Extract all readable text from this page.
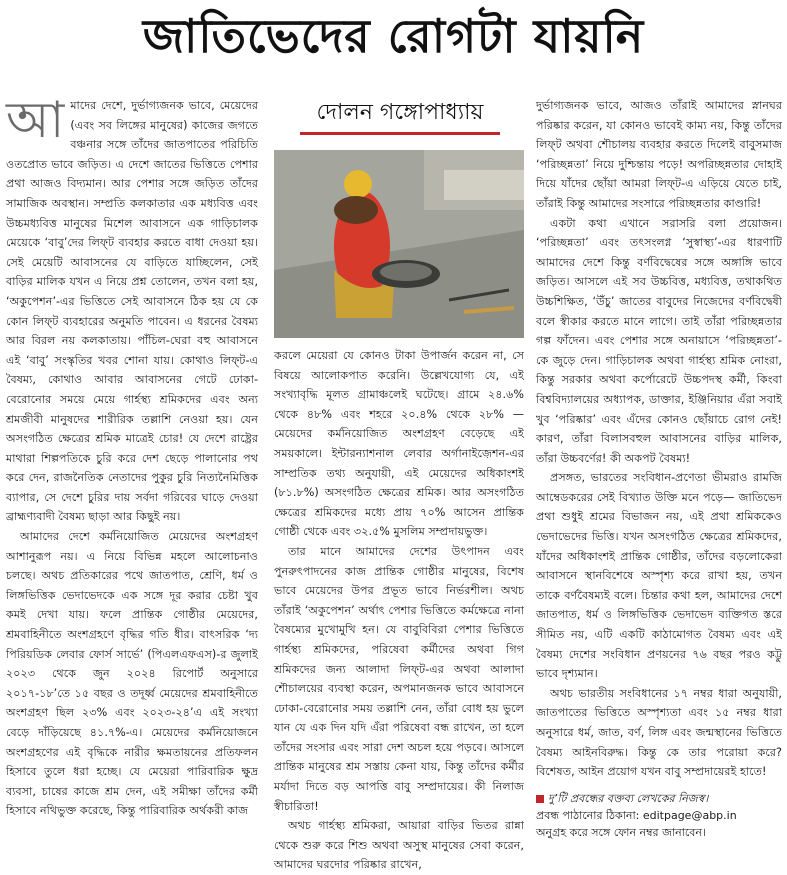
জাতিভেদের রোগটা যায়নি

আমাদের দেশে, দুর্ভাগ্যজনক ভাবে, মেয়েদের (এবং সব লিঙ্গের মানুষের) কাজের জগতে বঞ্চনার সঙ্গে তাঁদের জাতপাতের পরিচিতি ওতপ্রোত ভাবে জড়িত। এ দেশে জাতের ভিত্তিতে পেশার প্রথা আজও বিদ্যমান। আর পেশার সঙ্গে জড়িত তাঁদের সামাজিক অবস্থান। সম্প্রতি কলকাতার এক মধ্যবিত্ত এবং উচ্চমধ্যবিত্ত মানুষের মিশেল আবাসনে এক গাড়িচালক মেয়েকে ‘বাবু’দের লিফ্‌ট ব্যবহার করতে বাধা দেওয়া হয়। সেই মেয়েটি আবাসনের যে বাড়িতে যাচ্ছিলেন, সেই বাড়ির মালিক যখন এ নিয়ে প্রশ্ন তোলেন, তখন বলা হয়, ‘অকুপেশন’-এর ভিত্তিতে সেই আবাসনে ঠিক হয় যে কে কোন লিফ্‌ট ব্যবহারের অনুমতি পাবেন। এ ধরনের বৈষম্য আর বিরল নয় কলকাতায়। পাঁচিল-ঘেরা বহু আবাসনে এই ‘বাবু’ সংস্কৃতির খবর শোনা যায়। কোথাও লিফ্‌ট-এ বৈষম্য, কোথাও আবার আবাসনের গেটে ঢোকা-বেরোনোর সময়ে মেয়ে গার্হস্থ্য শ্রমিকদের এবং অন্য শ্রমজীবী মানুষদের শারীরিক তল্লাশি নেওয়া হয়। যেন অসংগঠিত ক্ষেত্রের শ্রমিক মাত্রেই চোর! যে দেশে রাষ্ট্রের মাথারা শিল্পপতিকে চুরি করে দেশ ছেড়ে পালানোর পথ করে দেন, রাজনৈতিক নেতাদের পুকুর চুরি নিত্যনৈমিত্তিক ব্যাপার, সে দেশে চুরির দায় সর্বদা গরিবের ঘাড়ে দেওয়া ব্রাহ্মণ্যবাদী বৈষম্য ছাড়া আর কিছুই নয়।

আমাদের দেশে কর্মনিয়োজিত মেয়েদের অংশগ্রহণ আশানুরূপ নয়। এ নিয়ে বিভিন্ন মহলে আলোচনাও চলছে। অথচ প্রতিকারের পথে জাতপাত, শ্রেণি, ধর্ম ও লিঙ্গভিত্তিক ভেদাভেদকে এক সঙ্গে দূর করার চেষ্টা খুব কমই দেখা যায়। ফলে প্রান্তিক গোষ্ঠীর মেয়েদের, শ্রমবাহিনীতে অংশগ্রহণে বৃদ্ধির গতি ধীর। বাৎসরিক ‘দ্য পিরিয়ডিক লেবার ফোর্স সার্ভে’ (পিএলএফএস)-র জুলাই ২০২৩ থেকে জুন ২০২৪ রিপোর্ট অনুসারে ২০১৭-১৮’তে ১৫ বছর ও তদূর্ধ্ব মেয়েদের শ্রমবাহিনীতে অংশগ্রহণ ছিল ২৩% এবং ২০২৩-২৪’এ এই সংখ্যা বেড়ে দাঁড়িয়েছে ৪১.৭%-এ। মেয়েদের কর্মনিয়োজনে অংশগ্রহণের এই বৃদ্ধিকে নারীর ক্ষমতায়নের প্রতিফলন হিসাবে তুলে ধরা হচ্ছে। যে মেয়েরা পারিবারিক ক্ষুদ্র ব্যবসা, চাষের কাজে শ্রম দেন, এই সমীক্ষা তাঁদের কর্মী হিসাবে নথিভুক্ত করেছে, কিন্তু পারিবারিক অর্থকরী কাজ

দোলন গঙ্গোপাধ্যায়

করলে মেয়েরা যে কোনও টাকা উপার্জন করেন না, সে বিষয়ে আলোকপাত করেনি। উল্লেখযোগ্য যে, এই সংখ্যাবৃদ্ধি মূলত গ্রামাঞ্চলেই ঘটেছে। গ্রামে ২৪.৬% থেকে ৪৮% এবং শহরে ২০.৪% থেকে ২৮% — মেয়েদের কর্মনিয়োজিত অংশগ্রহণ বেড়েছে এই সময়কালে। ইন্টারন্যাশনাল লেবার অর্গানাইজ়েশন-এর সাম্প্রতিক তথ্য অনুযায়ী, এই মেয়েদের অধিকাংশই (৮১.৮%) অসংগঠিত ক্ষেত্রের শ্রমিক। আর অসংগঠিত ক্ষেত্রের শ্রমিকদের মধ্যে প্রায় ৭০% আসেন প্রান্তিক গোষ্ঠী থেকে এবং ৩২.৫% মুসলিম সম্প্রদায়ভুক্ত।

তার মানে আমাদের দেশের উৎপাদন এবং পুনরুৎপাদনের কাজ প্রান্তিক গোষ্ঠীর মানুষের, বিশেষ ভাবে মেয়েদের উপর প্রভূত ভাবে নির্ভরশীল। অথচ তাঁরাই ‘অকুপেশন’ অর্থাৎ পেশার ভিত্তিতে কর্মক্ষেত্রে নানা বৈষম্যের মুখোমুখি হন। যে বাবুবিবিরা পেশার ভিত্তিতে গার্হস্থ্য শ্রমিকদের, পরিষেবা কর্মীদের অথবা গিগ শ্রমিকদের জন্য আলাদা লিফ্‌ট-এর অথবা আলাদা শৌচালয়ের ব্যবস্থা করেন, অপমানজনক ভাবে আবাসনে ঢোকা-বেরোনোর সময় তল্লাশি নেন, তাঁরা বোধ হয় ভুলে যান যে এক দিন যদি এঁরা পরিষেবা বন্ধ রাখেন, তা হলে তাঁদের সংসার এবং সারা দেশ অচল হয়ে পড়বে। আসলে প্রান্তিক মানুষের শ্রম সস্তায় কেনা যায়, কিন্তু তাঁদের কর্মীর মর্যাদা দিতে বড় আপত্তি বাবু সম্প্রদায়ের। কী নিলাজ স্বীচারিতা!

অথচ গার্হস্থ্য শ্রমিকরা, আয়ারা বাড়ির ভিতর রান্না থেকে শুরু করে শিশু অথবা অসুস্থ মানুষের সেবা করেন, আমাদের ঘরদোর পরিষ্কার রাখেন,

দুর্ভাগ্যজনক ভাবে, আজও তাঁরাই আমাদের স্নানঘর পরিষ্কার করেন, যা কোনও ভাবেই কাম্য নয়, কিন্তু তাঁদের লিফ্‌ট অথবা শৌচালয় ব্যবহার করতে দিলেই বাবুসমাজ ‘পরিচ্ছন্নতা’ নিয়ে দুশ্চিন্তায় পড়ে! অপরিচ্ছন্নতার দোহাই দিয়ে যাঁদের ছোঁয়া আমরা লিফ্‌ট-এ এড়িয়ে যেতে চাই, তাঁরাই কিন্তু আমাদের সংসারে পরিচ্ছন্নতার কাণ্ডারি!

একটা কথা এখানে সরাসরি বলা প্রয়োজন। ‘পরিচ্ছন্নতা’ এবং তৎসংলগ্ন ‘সুস্বাস্থ্য’-এর ধারণাটি আমাদের দেশে কিন্তু বর্ণবিদ্বেষের সঙ্গে অঙ্গাঙ্গি ভাবে জড়িত। আসলে এই সব উচ্চবিত্ত, মধ্যবিত্ত, তথাকথিত উচ্চশিক্ষিত, ‘উঁচু’ জাতের বাবুদের নিজেদের বর্ণবিদ্বেষী বলে স্বীকার করতে মানে লাগে। তাই তাঁরা পরিচ্ছন্নতার গল্প ফাঁদেন। এবং পেশার সঙ্গে অনায়াসে ‘পরিচ্ছন্নতা’-কে জুড়ে দেন। গাড়িচালক অথবা গার্হস্থ্য শ্রমিক নোংরা, কিন্তু সরকার অথবা কর্পোরেটে উচ্চপদস্থ কর্মী, কিংবা বিশ্ববিদ্যালয়ের অধ্যাপক, ডাক্তার, ইঞ্জিনিয়ার এঁরা সবাই খুব ‘পরিষ্কার’ এবং এঁদের কোনও ছোঁয়াচে রোগ নেই! কারণ, তাঁরা বিলাসবহুল আবাসনের বাড়ির মালিক, তাঁরা উচ্চবর্ণের! কী অকপট বৈষম্য!

প্রসঙ্গত, ভারতের সংবিধান-প্রণেতা ভীমরাও রামজি আম্বেডকরের সেই বিখ্যাত উক্তি মনে পড়ে— জাতিভেদ প্রথা শুধুই শ্রমের বিভাজন নয়, এই প্রথা শ্রমিককেও ভেদাভেদের ভিত্তি। যখন অসংগঠিত ক্ষেত্রের শ্রমিকদের, যাঁদের অধিকাংশই প্রান্তিক গোষ্ঠীর, তাঁদের বড়লোকেরা আবাসনে স্থানবিশেষে অস্পৃশ্য করে রাখা হয়, তখন তাকে বর্ণবৈষম্যই বলে। চিন্তার কথা হল, আমাদের দেশে জাতপাত, ধর্ম ও লিঙ্গভিত্তিক ভেদাভেদ ব্যক্তিগত স্তরে সীমিত নয়, এটি একটি কাঠামোগত বৈষম্য এবং এই বৈষম্য দেশের সংবিধান প্রণয়নের ৭৬ বছর পরও কট্টু ভাবে দৃশ্যমান।

অথচ ভারতীয় সংবিধানের ১৭ নম্বর ধারা অনুযায়ী, জাতপাতের ভিত্তিতে অস্পৃশ্যতা এবং ১৫ নম্বর ধারা অনুসারে ধর্ম, জাত, বর্ণ, লিঙ্গ এবং জন্মস্থানের ভিত্তিতে বৈষম্য আইনবিরুদ্ধ। কিন্তু কে তার পরোয়া করে? বিশেষত, আইন প্রয়োগ যখন বাবু সম্প্রদায়েরই হাতে!

দু’টি প্রবন্ধের বক্তব্য লেখকের নিজস্ব।
প্রবন্ধ পাঠানোর ঠিকানা: editpage@abp.in
অনুগ্রহ করে সঙ্গে ফোন নম্বর জানাবেন।
